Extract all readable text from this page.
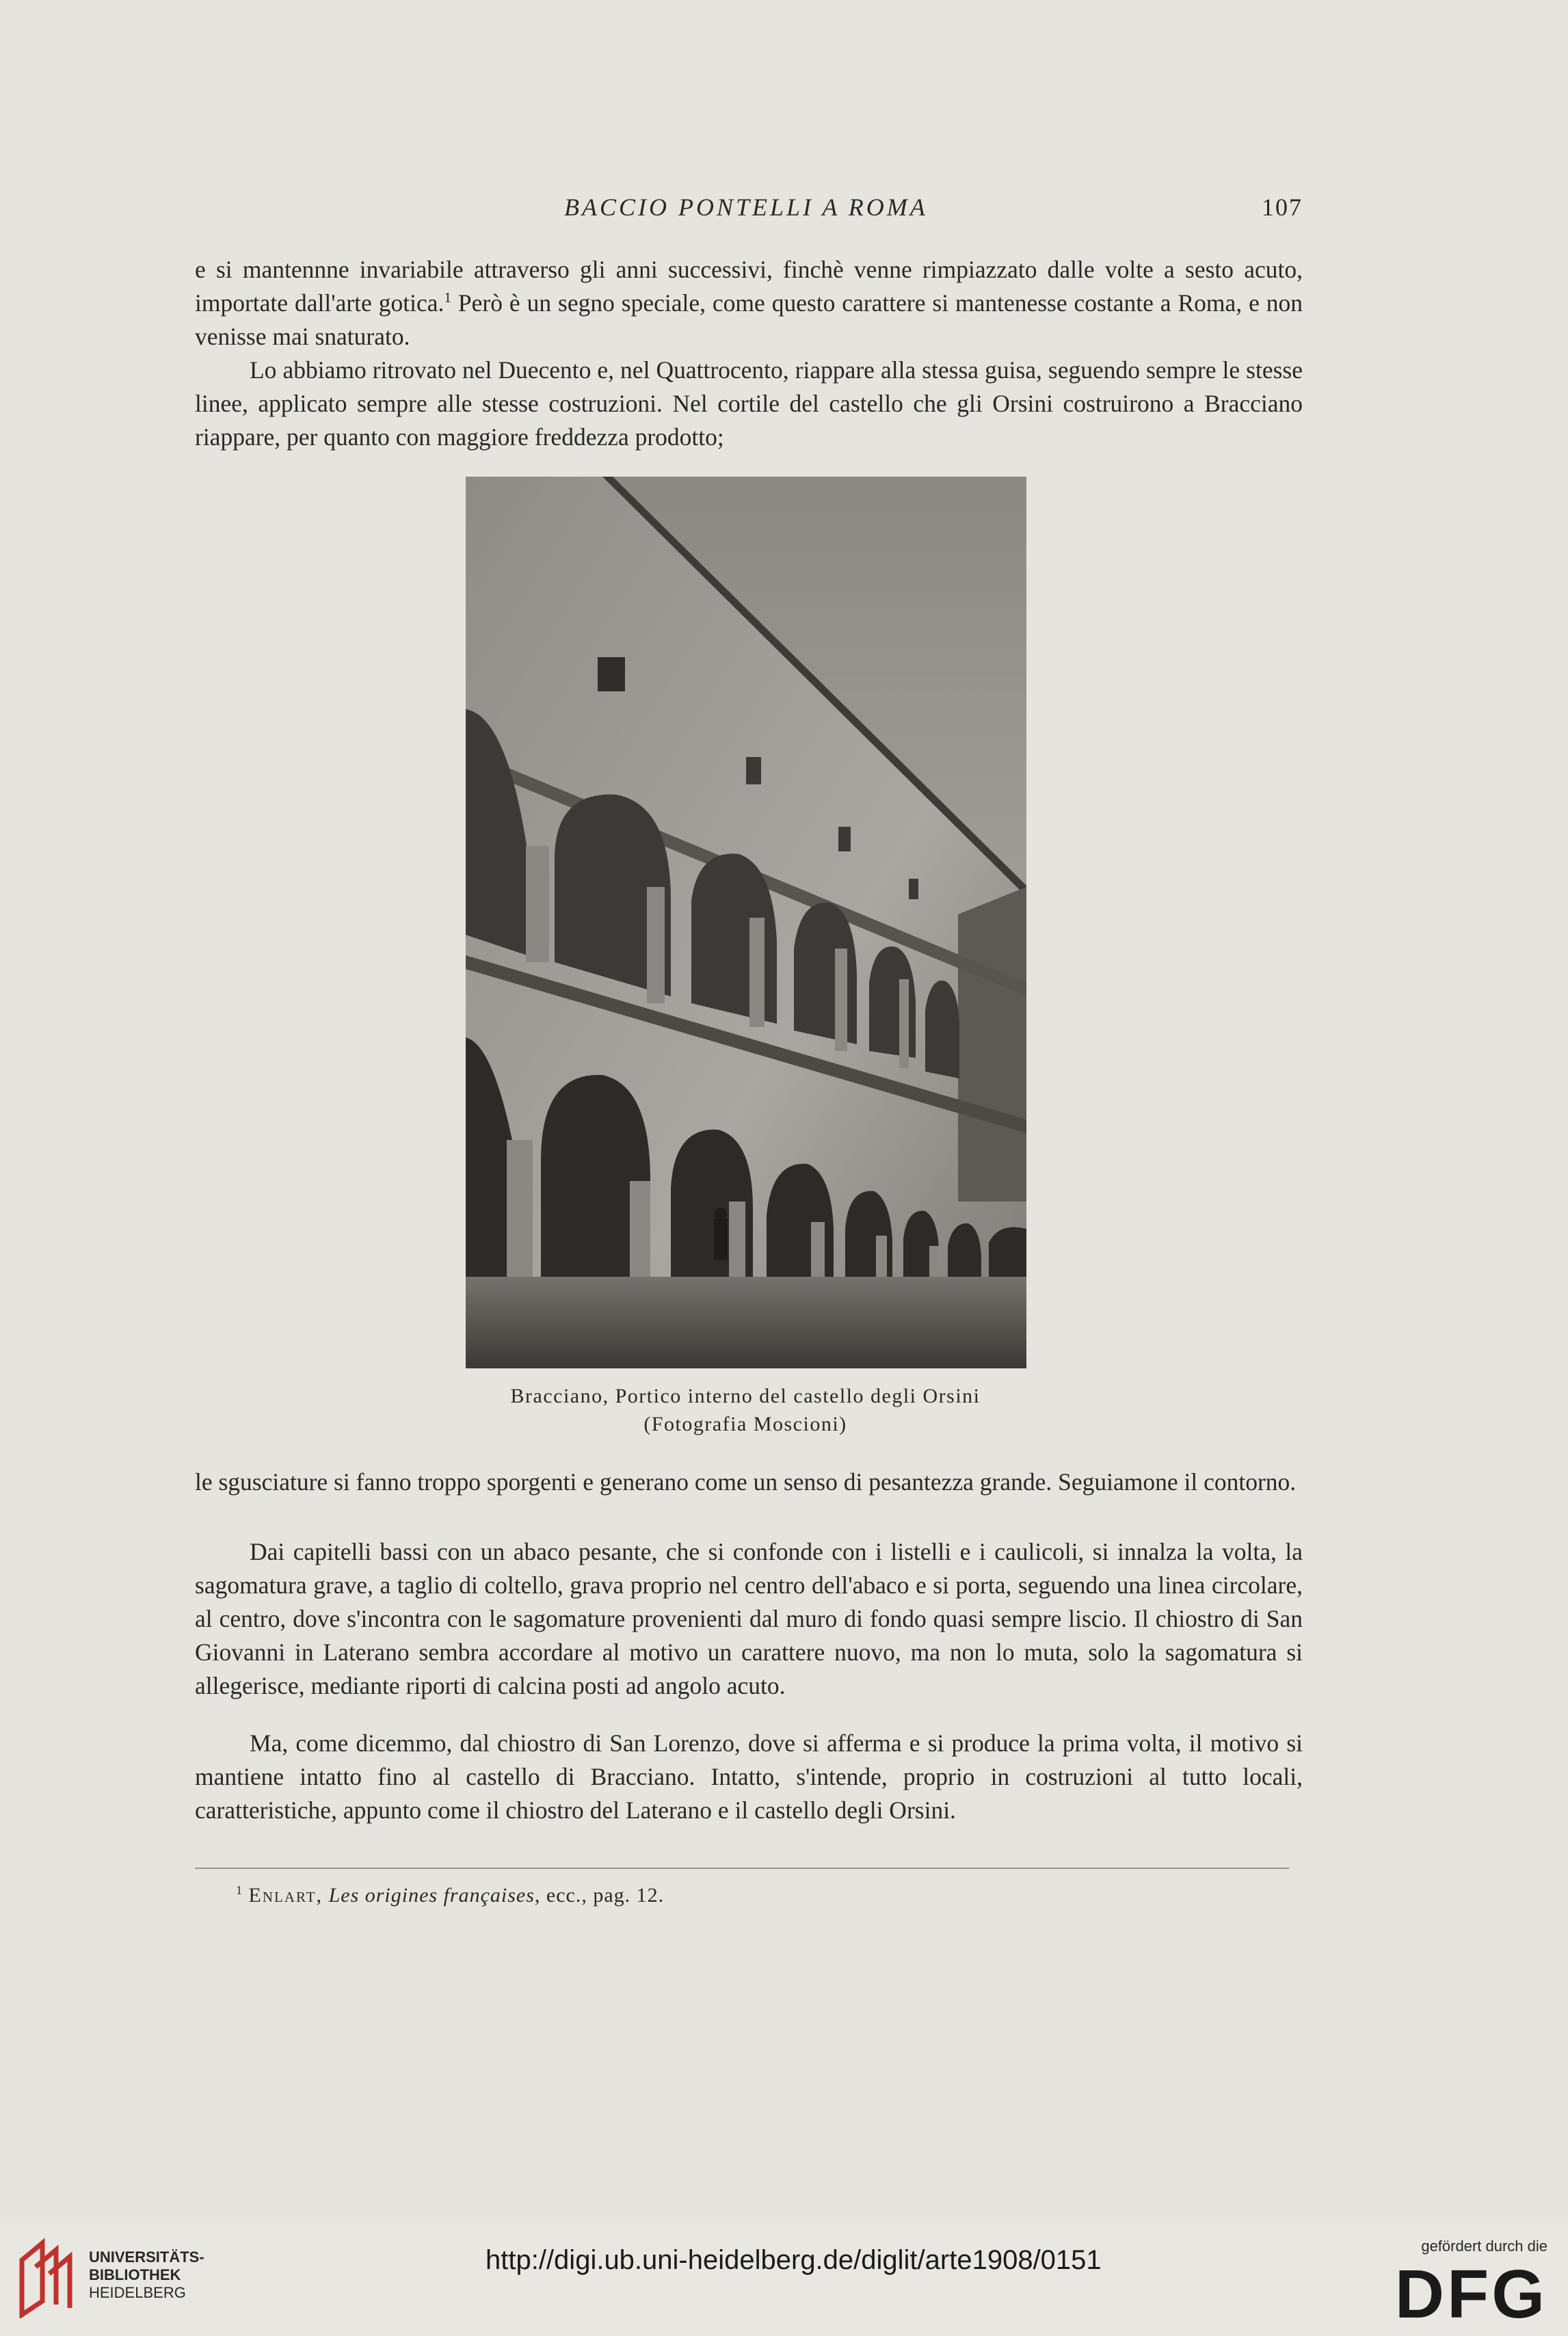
BACCIO PONTELLI A ROMA	107

e si mantennne invariabile attraverso gli anni successivi, finchè venne rimpiazzato dalle volte a sesto acuto, importate dall'arte gotica.$^1$ Però è un segno speciale, come questo carattere si mantenesse costante a Roma, e non venisse mai snaturato.

Lo abbiamo ritrovato nel Duecento e, nel Quattrocento, riappare alla stessa guisa, seguendo sempre le stesse linee, applicato sempre alle stesse costruzioni. Nel cortile del castello che gli Orsini costruirono a Bracciano riappare, per quanto con maggiore freddezza prodotto;

Bracciano, Portico interno del castello degli Orsini
(Fotografia Moscioni)

le sgusciature si fanno troppo sporgenti e generano come un senso di pesantezza grande. Seguiamone il contorno.

Dai capitelli bassi con un abaco pesante, che si confonde con i listelli e i caulicoli, si innalza la volta, la sagomatura grave, a taglio di coltello, grava proprio nel centro dell'abaco e si porta, seguendo una linea circolare, al centro, dove s'incontra con le sagomature provenienti dal muro di fondo quasi sempre liscio. Il chiostro di San Giovanni in Laterano sembra accordare al motivo un carattere nuovo, ma non lo muta, solo la sagomatura si allegerisce, mediante riporti di calcina posti ad angolo acuto.

Ma, come dicemmo, dal chiostro di San Lorenzo, dove si afferma e si produce la prima volta, il motivo si mantiene intatto fino al castello di Bracciano. Intatto, s'intende, proprio in costruzioni al tutto locali, caratteristiche, appunto come il chiostro del Laterano e il castello degli Orsini.

$^1$ Enlart, Les origines françaises, ecc., pag. 12.
UNIVERSITÄTS-
BIBLIOTHEK
HEIDELBERG
http://digi.ub.uni-heidelberg.de/diglit/arte1908/0151	gefördert durch die
DFG
